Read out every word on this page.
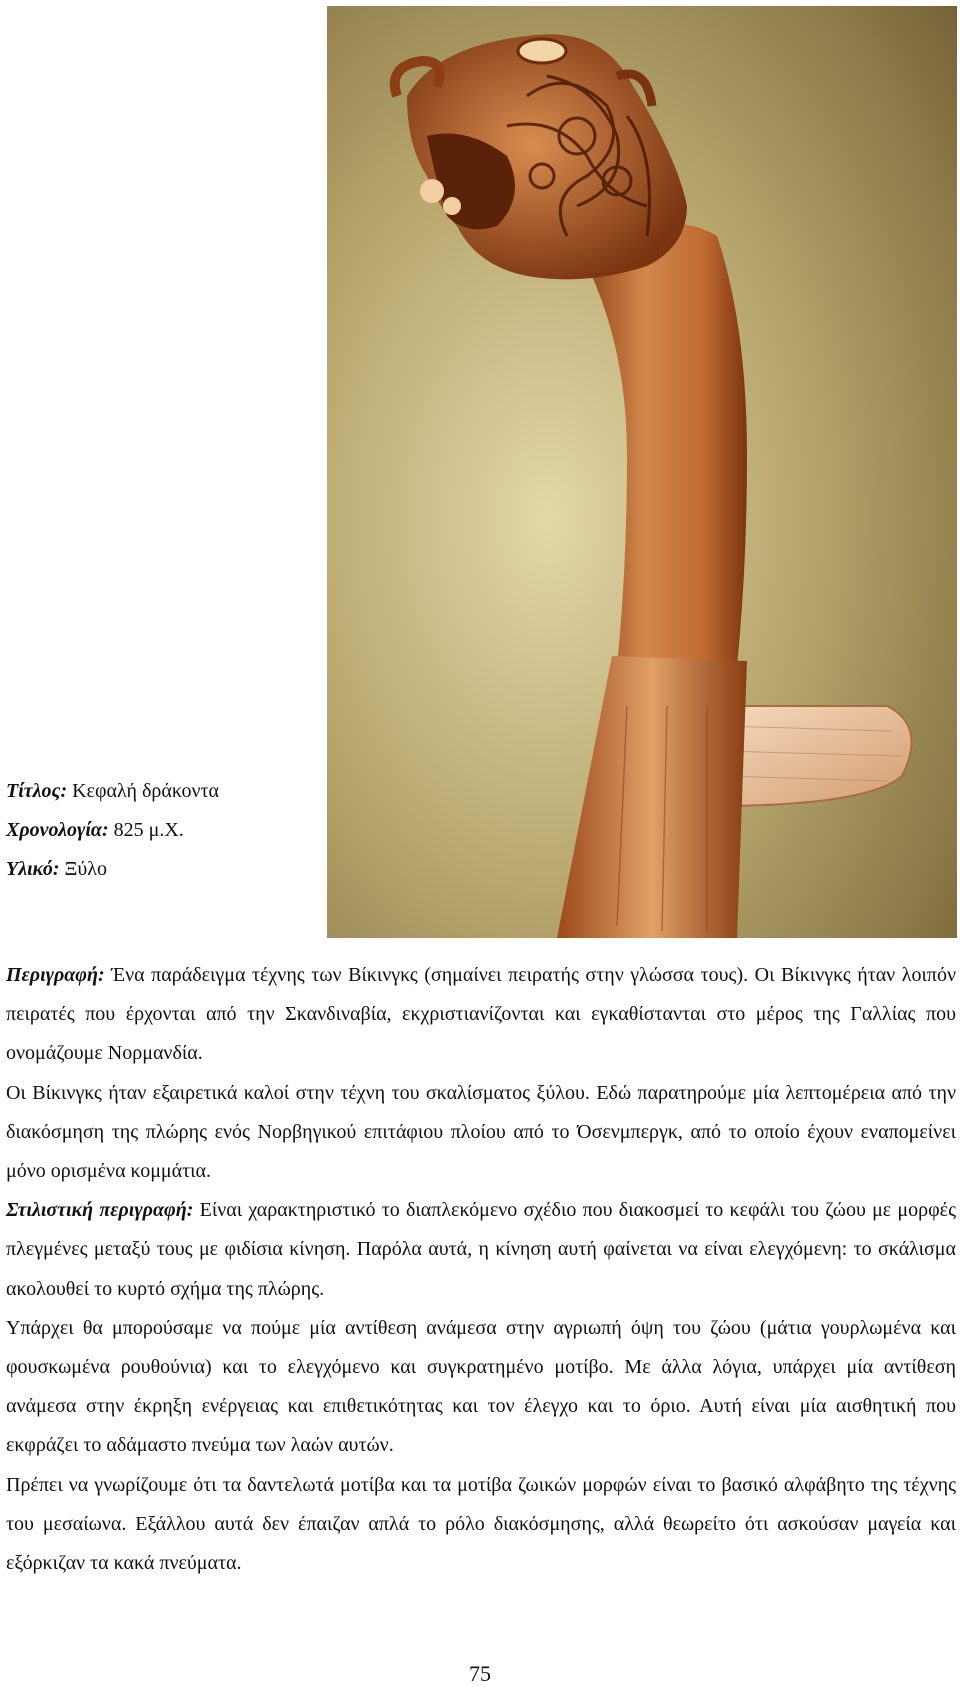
Τίτλος: Κεφαλή δράκοντα
Χρονολογία: 825 μ.Χ.
Υλικό: Ξύλο

Περιγραφή: Ένα παράδειγμα τέχνης των Βίκινγκς (σημαίνει πειρατής στην γλώσσα τους). Οι Βίκινγκς ήταν λοιπόν πειρατές που έρχονται από την Σκανδιναβία, εκχριστιανίζονται και εγκαθίστανται στο μέρος της Γαλλίας που ονομάζουμε Νορμανδία.

Οι Βίκινγκς ήταν εξαιρετικά καλοί στην τέχνη του σκαλίσματος ξύλου. Εδώ παρατηρούμε μία λεπτομέρεια από την διακόσμηση της πλώρης ενός Νορβηγικού επιτάφιου πλοίου από το Όσενμπεργκ, από το οποίο έχουν εναπομείνει μόνο ορισμένα κομμάτια.

Στιλιστική περιγραφή: Είναι χαρακτηριστικό το διαπλεκόμενο σχέδιο που διακοσμεί το κεφάλι του ζώου με μορφές πλεγμένες μεταξύ τους με φιδίσια κίνηση. Παρόλα αυτά, η κίνηση αυτή φαίνεται να είναι ελεγχόμενη: το σκάλισμα ακολουθεί το κυρτό σχήμα της πλώρης.

Υπάρχει θα μπορούσαμε να πούμε μία αντίθεση ανάμεσα στην αγριωπή όψη του ζώου (μάτια γουρλωμένα και φουσκωμένα ρουθούνια) και το ελεγχόμενο και συγκρατημένο μοτίβο. Με άλλα λόγια, υπάρχει μία αντίθεση ανάμεσα στην έκρηξη ενέργειας και επιθετικότητας και τον έλεγχο και το όριο. Αυτή είναι μία αισθητική που εκφράζει το αδάμαστο πνεύμα των λαών αυτών.

Πρέπει να γνωρίζουμε ότι τα δαντελωτά μοτίβα και τα μοτίβα ζωικών μορφών είναι το βασικό αλφάβητο της τέχνης του μεσαίωνα. Εξάλλου αυτά δεν έπαιζαν απλά το ρόλο διακόσμησης, αλλά θεωρείτο ότι ασκούσαν μαγεία και εξόρκιζαν τα κακά πνεύματα.

75
